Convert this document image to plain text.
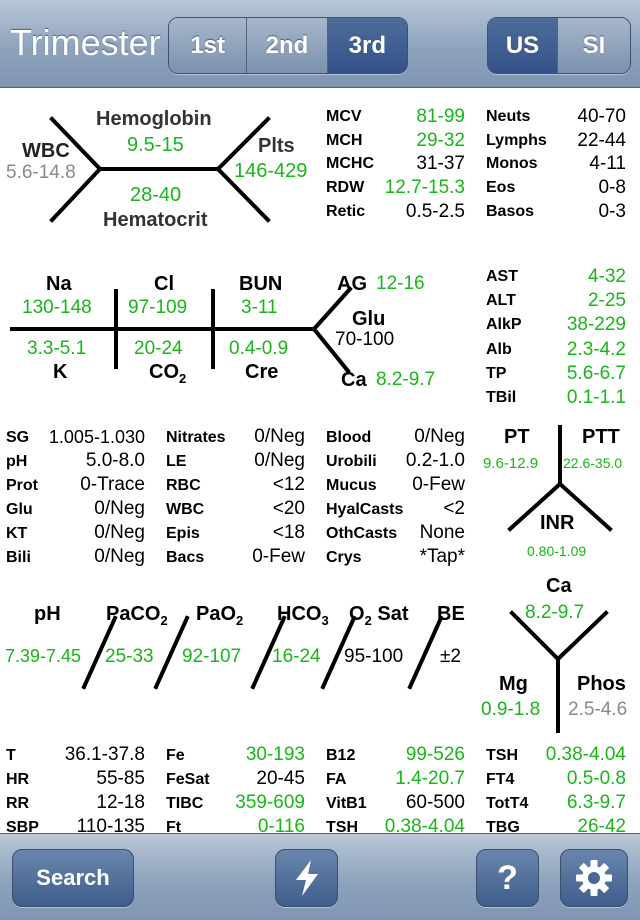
Trimester	1st	2nd	3rd	US	SI
WBC
5.6-14.8
Hemoglobin
9.5-15
28-40
Hematocrit
Plts
146-429
MCV	81-99
MCH	29-32
MCHC 31-37
RDW 12.7-15.3
Retic 0.5-2.5
Neuts 40-70
Lymphs 22-44
Monos	4-11
Eos	0-8
Basos	0-3
Na
130-148
Cl
97-109
BUN
3-11
3.3-5.1
K
20-24
$CO_2$
0.4-0.9
Cre
AG 12-16
Glu
70-100
Ca 8.2-9.7
AST	4-32
ALT	2-25
AlkP 38-229
Alb	2.3-4.2
TP	5.6-6.7
TBil	0.1-1.1
SG 1.005-1.030
pH	5.0-8.0
Prot 0-Trace
Glu	0/Neg
KT	0/Neg
Bili	0/Neg
Nitrates 0/Neg
LE	0/Neg
RBC	<12
WBC	<20
Epis	<18
Bacs	0-Few
Blood 0/Neg
Urobili 0.2-1.0
Mucus 0-Few
HyalCasts <2
OthCasts None
Crys	*Tap*
PT
9.6-12.9
PTT
22.6-35.0
INR
0.80-1.09
pH
7.39-7.45
PaCO$_2$
25-33
PaO$_2$
92-107
$HCO_3$
16-24
$O_2$ Sat
95-100
BE
±2
Ca
8.2-9.7
Mg
0.9-1.8
Phos
2.5-4.6
T	36.1-37.8
HR	55-85
RR	12-18
SBP 110-135
Fe	30-193
FeSat 20-45
TIBC 359-609
Ft	0-116
B12	99-526
FA	1.4-20.7
VitB1 60-500
TSH 0.38-4.04
TSH 0.38-4.04
FT4	0.5-0.8
TotT4 6.3-9.7
TBG	26-42
Search	?
